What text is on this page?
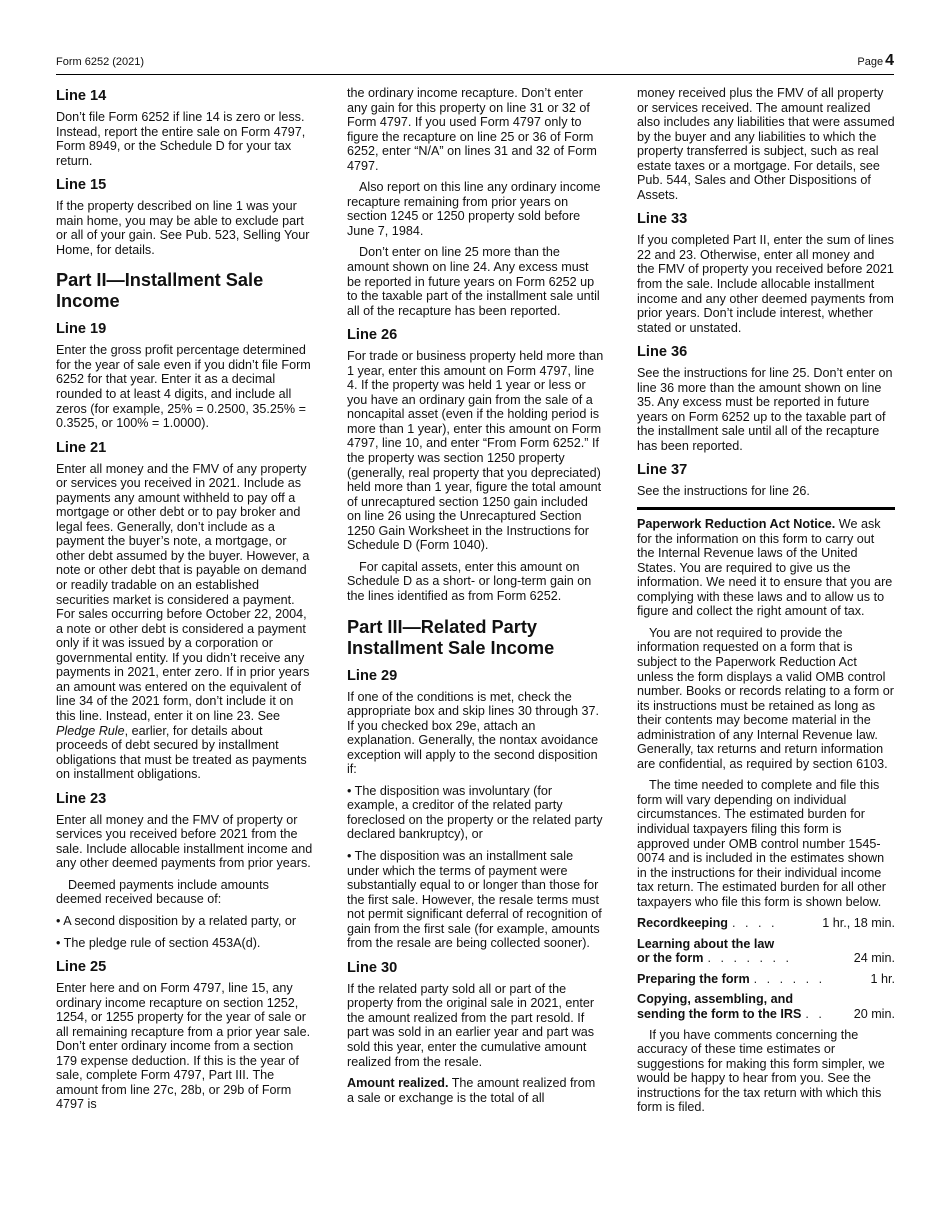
Form 6252 (2021)	Page 4
Line 14

Don’t file Form 6252 if line 14 is zero or less. Instead, report the entire sale on Form 4797, Form 8949, or the Schedule D for your tax return.

Line 15

If the property described on line 1 was your main home, you may be able to exclude part or all of your gain. See Pub. 523, Selling Your Home, for details.

Part II—Installment Sale Income
Line 19

Enter the gross profit percentage determined for the year of sale even if you didn’t file Form 6252 for that year. Enter it as a decimal rounded to at least 4 digits, and include all zeros (for example, 25% = 0.2500, 35.25% = 0.3525, or 100% = 1.0000).

Line 21

Enter all money and the FMV of any property or services you received in 2021. Include as payments any amount withheld to pay off a mortgage or other debt or to pay broker and legal fees. Generally, don’t include as a payment the buyer’s note, a mortgage, or other debt assumed by the buyer. However, a note or other debt that is payable on demand or readily tradable on an established securities market is considered a payment. For sales occurring before October 22, 2004, a note or other debt is considered a payment only if it was issued by a corporation or governmental entity. If you didn’t receive any payments in 2021, enter zero. If in prior years an amount was entered on the equivalent of line 34 of the 2021 form, don’t include it on this line. Instead, enter it on line 23. See Pledge Rule, earlier, for details about proceeds of debt secured by installment obligations that must be treated as payments on installment obligations.

Line 23

Enter all money and the FMV of property or services you received before 2021 from the sale. Include allocable installment income and any other deemed payments from prior years.

Deemed payments include amounts deemed received because of:

• A second disposition by a related party, or

• The pledge rule of section 453A(d).

Line 25

Enter here and on Form 4797, line 15, any ordinary income recapture on section 1252, 1254, or 1255 property for the year of sale or all remaining recapture from a prior year sale. Don’t enter ordinary income from a section 179 expense deduction. If this is the year of sale, complete Form 4797, Part III. The amount from line 27c, 28b, or 29b of Form 4797 is

the ordinary income recapture. Don’t enter any gain for this property on line 31 or 32 of Form 4797. If you used Form 4797 only to figure the recapture on line 25 or 36 of Form 6252, enter “N/A” on lines 31 and 32 of Form 4797.

Also report on this line any ordinary income recapture remaining from prior years on section 1245 or 1250 property sold before June 7, 1984.

Don’t enter on line 25 more than the amount shown on line 24. Any excess must be reported in future years on Form 6252 up to the taxable part of the installment sale until all of the recapture has been reported.

Line 26

For trade or business property held more than 1 year, enter this amount on Form 4797, line 4. If the property was held 1 year or less or you have an ordinary gain from the sale of a noncapital asset (even if the holding period is more than 1 year), enter this amount on Form 4797, line 10, and enter “From Form 6252.” If the property was section 1250 property (generally, real property that you depreciated) held more than 1 year, figure the total amount of unrecaptured section 1250 gain included on line 26 using the Unrecaptured Section 1250 Gain Worksheet in the Instructions for Schedule D (Form 1040).

For capital assets, enter this amount on Schedule D as a short- or long-term gain on the lines identified as from Form 6252.

Part III—Related Party Installment Sale Income
Line 29

If one of the conditions is met, check the appropriate box and skip lines 30 through 37. If you checked box 29e, attach an explanation. Generally, the nontax avoidance exception will apply to the second disposition if:

• The disposition was involuntary (for example, a creditor of the related party foreclosed on the property or the related party declared bankruptcy), or

• The disposition was an installment sale under which the terms of payment were substantially equal to or longer than those for the first sale. However, the resale terms must not permit significant deferral of recognition of gain from the first sale (for example, amounts from the resale are being collected sooner).

Line 30

If the related party sold all or part of the property from the original sale in 2021, enter the amount realized from the part resold. If part was sold in an earlier year and part was sold this year, enter the cumulative amount realized from the resale.

Amount realized. The amount realized from a sale or exchange is the total of all

money received plus the FMV of all property or services received. The amount realized also includes any liabilities that were assumed by the buyer and any liabilities to which the property transferred is subject, such as real estate taxes or a mortgage. For details, see Pub. 544, Sales and Other Dispositions of Assets.

Line 33

If you completed Part II, enter the sum of lines 22 and 23. Otherwise, enter all money and the FMV of property you received before 2021 from the sale. Include allocable installment income and any other deemed payments from prior years. Don’t include interest, whether stated or unstated.

Line 36

See the instructions for line 25. Don’t enter on line 36 more than the amount shown on line 35. Any excess must be reported in future years on Form 6252 up to the taxable part of the installment sale until all of the recapture has been reported.

Line 37

See the instructions for line 26.

Paperwork Reduction Act Notice. We ask for the information on this form to carry out the Internal Revenue laws of the United States. You are required to give us the information. We need it to ensure that you are complying with these laws and to allow us to figure and collect the right amount of tax.

You are not required to provide the information requested on a form that is subject to the Paperwork Reduction Act unless the form displays a valid OMB control number. Books or records relating to a form or its instructions must be retained as long as their contents may become material in the administration of any Internal Revenue law. Generally, tax returns and return information are confidential, as required by section 6103.

The time needed to complete and file this form will vary depending on individual circumstances. The estimated burden for individual taxpayers filing this form is approved under OMB control number 1545-0074 and is included in the estimates shown in the instructions for their individual income tax return. The estimated burden for all other taxpayers who file this form is shown below.

Recordkeeping . . . .	1 hr., 18 min.
Learning about the law
or the form . . . . . . .	24 min.
Preparing the form . . . . . .	1 hr.
Copying, assembling, and
sending the form to the IRS . .	20 min.

If you have comments concerning the accuracy of these time estimates or suggestions for making this form simpler, we would be happy to hear from you. See the instructions for the tax return with which this form is filed.
